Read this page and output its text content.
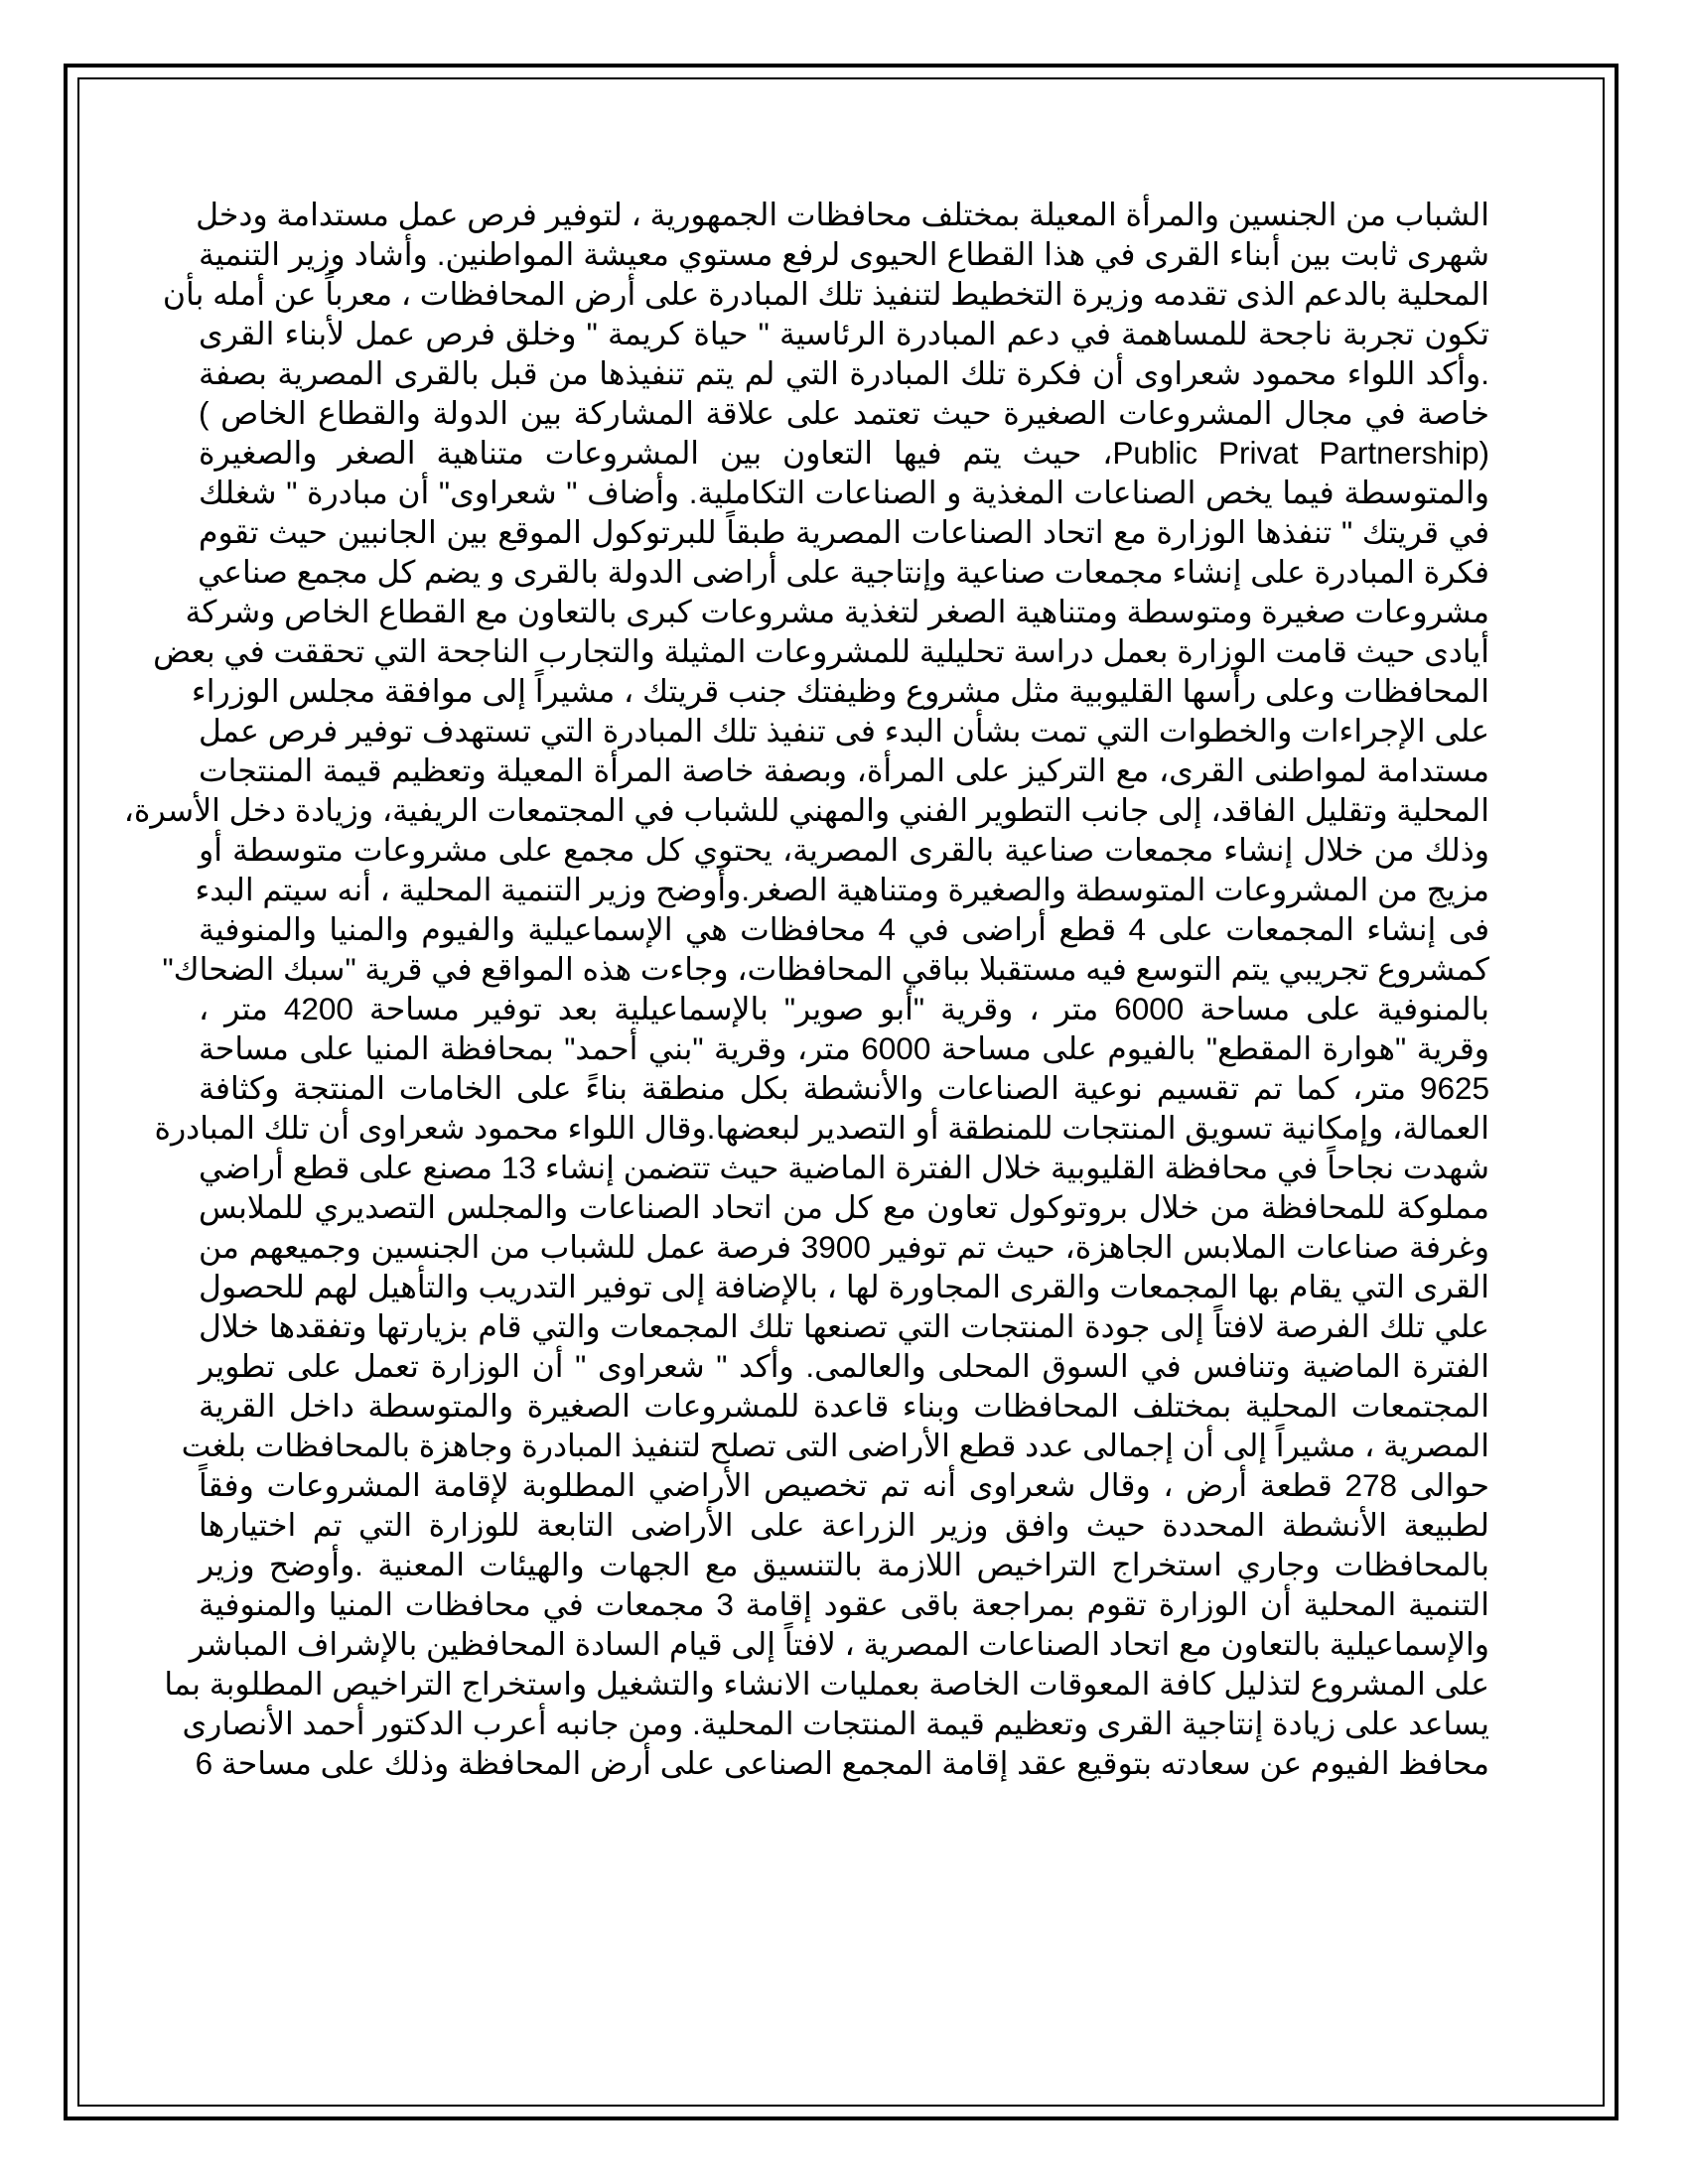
الشباب من الجنسين والمرأة المعيلة بمختلف محافظات الجمهورية ، لتوفير فرص عمل مستدامة ودخل
شهرى ثابت بين أبناء القرى في هذا القطاع الحيوى لرفع مستوي معيشة المواطنين. وأشاد وزير التنمية
المحلية بالدعم الذى تقدمه وزيرة التخطيط لتنفيذ تلك المبادرة على أرض المحافظات ، معرباً عن أمله بأن
تكون تجربة ناجحة للمساهمة في دعم المبادرة الرئاسية " حياة كريمة " وخلق فرص عمل لأبناء القرى
.وأكد اللواء محمود شعراوى أن فكرة تلك المبادرة التي لم يتم تنفيذها من قبل بالقرى المصرية بصفة
خاصة في مجال المشروعات الصغيرة حيث تعتمد على علاقة المشاركة بين الدولة والقطاع الخاص )
(Public Privat Partnership، حيث يتم فيها التعاون بين المشروعات متناهية الصغر والصغيرة
والمتوسطة فيما يخص الصناعات المغذية و الصناعات التكاملية. وأضاف " شعراوى" أن مبادرة " شغلك
في قريتك " تنفذها الوزارة مع اتحاد الصناعات المصرية طبقاً للبرتوكول الموقع بين الجانبين حيث تقوم
فكرة المبادرة على إنشاء مجمعات صناعية وإنتاجية على أراضى الدولة بالقرى و يضم كل مجمع صناعي
مشروعات صغيرة ومتوسطة ومتناهية الصغر لتغذية مشروعات كبرى بالتعاون مع القطاع الخاص وشركة
أيادى حيث قامت الوزارة بعمل دراسة تحليلية للمشروعات المثيلة والتجارب الناجحة التي تحققت في بعض
المحافظات وعلى رأسها القليوبية مثل مشروع وظيفتك جنب قريتك ، مشيراً إلى موافقة مجلس الوزراء
على الإجراءات والخطوات التي تمت بشأن البدء فى تنفيذ تلك المبادرة التي تستهدف توفير فرص عمل
مستدامة لمواطنى القرى، مع التركيز على المرأة، وبصفة خاصة المرأة المعيلة وتعظيم قيمة المنتجات
المحلية وتقليل الفاقد، إلى جانب التطوير الفني والمهني للشباب في المجتمعات الريفية، وزيادة دخل الأسرة،
وذلك من خلال إنشاء مجمعات صناعية بالقرى المصرية، يحتوي كل مجمع على مشروعات متوسطة أو
مزيج من المشروعات المتوسطة والصغيرة ومتناهية الصغر.وأوضح وزير التنمية المحلية ، أنه سيتم البدء
فى إنشاء المجمعات على 4 قطع أراضى في 4 محافظات هي الإسماعيلية والفيوم والمنيا والمنوفية
كمشروع تجريبي يتم التوسع فيه مستقبلا بباقي المحافظات، وجاءت هذه المواقع في قرية "سبك الضحاك"
بالمنوفية على مساحة 6000 متر ، وقرية "أبو صوير" بالإسماعيلية بعد توفير مساحة 4200 متر ،
وقرية "هوارة المقطع" بالفيوم على مساحة 6000 متر، وقرية "بني أحمد" بمحافظة المنيا على مساحة
9625 متر، كما تم تقسيم نوعية الصناعات والأنشطة بكل منطقة بناءً على الخامات المنتجة وكثافة
العمالة، وإمكانية تسويق المنتجات للمنطقة أو التصدير لبعضها.وقال اللواء محمود شعراوى أن تلك المبادرة
شهدت نجاحاً في محافظة القليوبية خلال الفترة الماضية حيث تتضمن إنشاء 13 مصنع على قطع أراضي
مملوكة للمحافظة من خلال بروتوكول تعاون مع كل من اتحاد الصناعات والمجلس التصديري للملابس
وغرفة صناعات الملابس الجاهزة، حيث تم توفير 3900 فرصة عمل للشباب من الجنسين وجميعهم من
القرى التي يقام بها المجمعات والقرى المجاورة لها ، بالإضافة إلى توفير التدريب والتأهيل لهم للحصول
علي تلك الفرصة لافتاً إلى جودة المنتجات التي تصنعها تلك المجمعات والتي قام بزيارتها وتفقدها خلال
الفترة الماضية وتنافس في السوق المحلى والعالمى. وأكد " شعراوى " أن الوزارة تعمل على تطوير
المجتمعات المحلية بمختلف المحافظات وبناء قاعدة للمشروعات الصغيرة والمتوسطة داخل القرية
المصرية ، مشيراً إلى أن إجمالى عدد قطع الأراضى التى تصلح لتنفيذ المبادرة وجاهزة بالمحافظات بلغت
حوالى 278 قطعة أرض ، وقال شعراوى أنه تم تخصيص الأراضي المطلوبة لإقامة المشروعات وفقاً
لطبيعة الأنشطة المحددة حيث وافق وزير الزراعة على الأراضى التابعة للوزارة التي تم اختيارها
بالمحافظات وجاري استخراج التراخيص اللازمة بالتنسيق مع الجهات والهيئات المعنية .وأوضح وزير
التنمية المحلية أن الوزارة تقوم بمراجعة باقى عقود إقامة 3 مجمعات في محافظات المنيا والمنوفية
والإسماعيلية بالتعاون مع اتحاد الصناعات المصرية ، لافتاً إلى قيام السادة المحافظين بالإشراف المباشر
على المشروع لتذليل كافة المعوقات الخاصة بعمليات الانشاء والتشغيل واستخراج التراخيص المطلوبة بما
يساعد على زيادة إنتاجية القرى وتعظيم قيمة المنتجات المحلية. ومن جانبه أعرب الدكتور أحمد الأنصارى
محافظ الفيوم عن سعادته بتوقيع عقد إقامة المجمع الصناعى على أرض المحافظة وذلك على مساحة 6
